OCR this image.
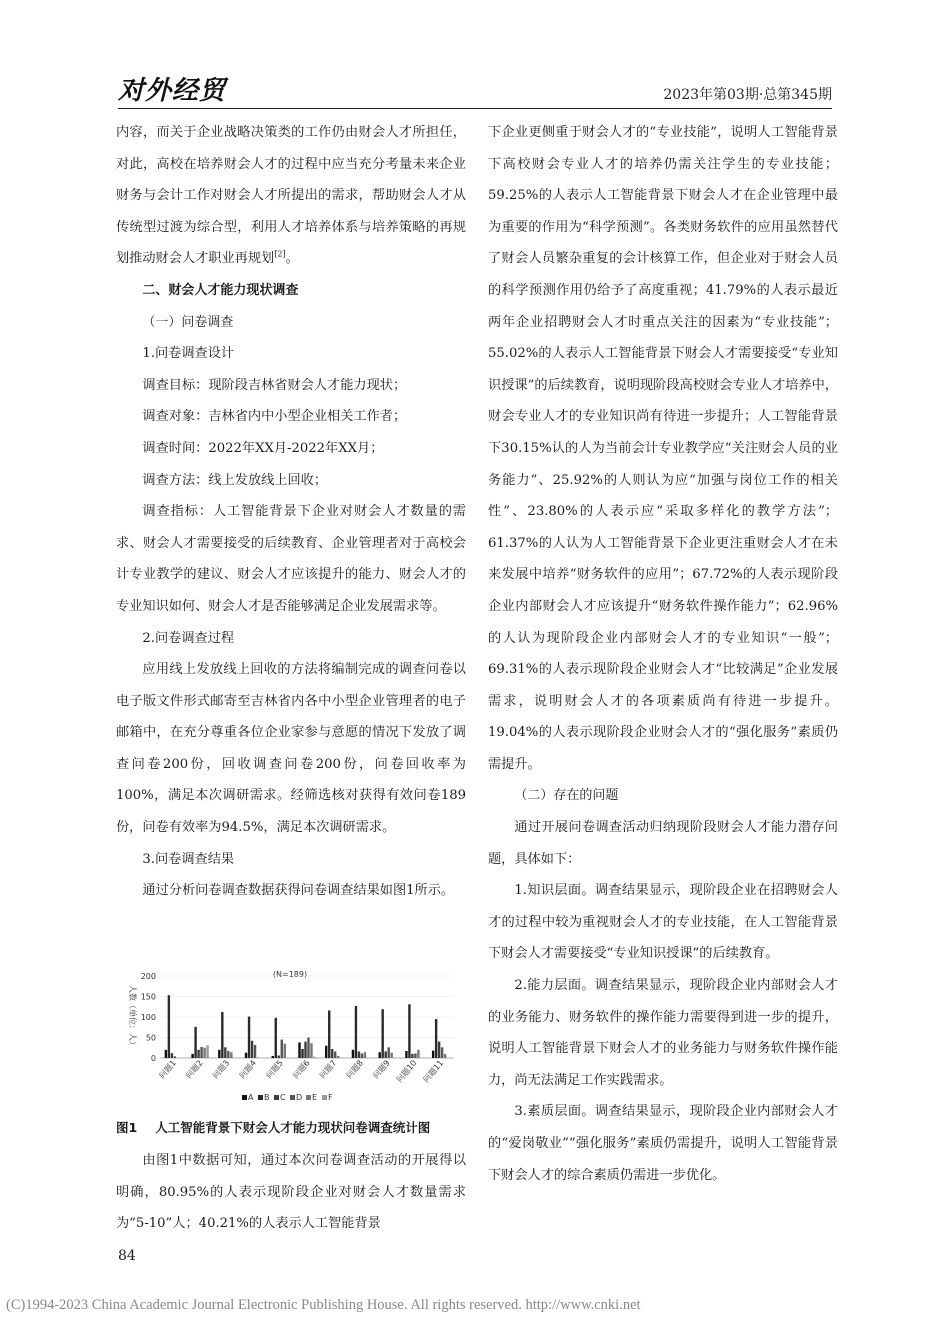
对外经贸	2023年第03期·总第345期

内容，而关于企业战略决策类的工作仍由财会人才所担任，对此，高校在培养财会人才的过程中应当充分考量未来企业财务与会计工作对财会人才所提出的需求，帮助财会人才从传统型过渡为综合型，利用人才培养体系与培养策略的再规划推动财会人才职业再规划[2]。

二、财会人才能力现状调查

（一）问卷调查

1.问卷调查设计

调查目标：现阶段吉林省财会人才能力现状；

调查对象：吉林省内中小型企业相关工作者；

调查时间：2022年XX月-2022年XX月；

调查方法：线上发放线上回收；

调查指标：人工智能背景下企业对财会人才数量的需求、财会人才需要接受的后续教育、企业管理者对于高校会计专业教学的建议、财会人才应该提升的能力、财会人才的专业知识如何、财会人才是否能够满足企业发展需求等。

2.问卷调查过程

应用线上发放线上回收的方法将编制完成的调查问卷以电子版文件形式邮寄至吉林省内各中小型企业管理者的电子邮箱中，在充分尊重各位企业家参与意愿的情况下发放了调查问卷200份，回收调查问卷200份，问卷回收率为100%，满足本次调研需求。经筛选核对获得有效问卷189份，问卷有效率为94.5%，满足本次调研需求。

3.问卷调查结果

通过分析问卷调查数据获得问卷调查结果如图1所示。

(N=189)
人数（单位：人）
0
50
100
150
200
问题1 问题2 问题3 问题4 问题5 问题6 问题7 问题8 问题9 问题10 问题11
A B C D E F
图1 人工智能背景下财会人才能力现状问卷调查统计图

由图1中数据可知，通过本次问卷调查活动的开展得以明确，80.95%的人表示现阶段企业对财会人才数量需求为“5-10”人；40.21%的人表示人工智能背景

下企业更侧重于财会人才的“专业技能”，说明人工智能背景下高校财会专业人才的培养仍需关注学生的专业技能；59.25%的人表示人工智能背景下财会人才在企业管理中最为重要的作用为“科学预测”。各类财务软件的应用虽然替代了财会人员繁杂重复的会计核算工作，但企业对于财会人员的科学预测作用仍给予了高度重视；41.79%的人表示最近两年企业招聘财会人才时重点关注的因素为“专业技能”；55.02%的人表示人工智能背景下财会人才需要接受“专业知识授课”的后续教育，说明现阶段高校财会专业人才培养中，财会专业人才的专业知识尚有待进一步提升；人工智能背景下30.15%认的人为当前会计专业教学应“关注财会人员的业务能力”、25.92%的人则认为应“加强与岗位工作的相关性”、23.80%的人表示应“采取多样化的教学方法”；61.37%的人认为人工智能背景下企业更注重财会人才在未来发展中培养“财务软件的应用”；67.72%的人表示现阶段企业内部财会人才应该提升“财务软件操作能力”；62.96%的人认为现阶段企业内部财会人才的专业知识“一般”；69.31%的人表示现阶段企业财会人才“比较满足”企业发展需求，说明财会人才的各项素质尚有待进一步提升。19.04%的人表示现阶段企业财会人才的“强化服务”素质仍需提升。

（二）存在的问题

通过开展问卷调查活动归纳现阶段财会人才能力潜存问题，具体如下：

1.知识层面。调查结果显示，现阶段企业在招聘财会人才的过程中较为重视财会人才的专业技能，在人工智能背景下财会人才需要接受“专业知识授课”的后续教育。

2.能力层面。调查结果显示，现阶段企业内部财会人才的业务能力、财务软件的操作能力需要得到进一步的提升，说明人工智能背景下财会人才的业务能力与财务软件操作能力，尚无法满足工作实践需求。

3.素质层面。调查结果显示，现阶段企业内部财会人才的“爱岗敬业”“强化服务”素质仍需提升，说明人工智能背景下财会人才的综合素质仍需进一步优化。

84
(C)1994-2023 China Academic Journal Electronic Publishing House. All rights reserved. http://www.cnki.net
